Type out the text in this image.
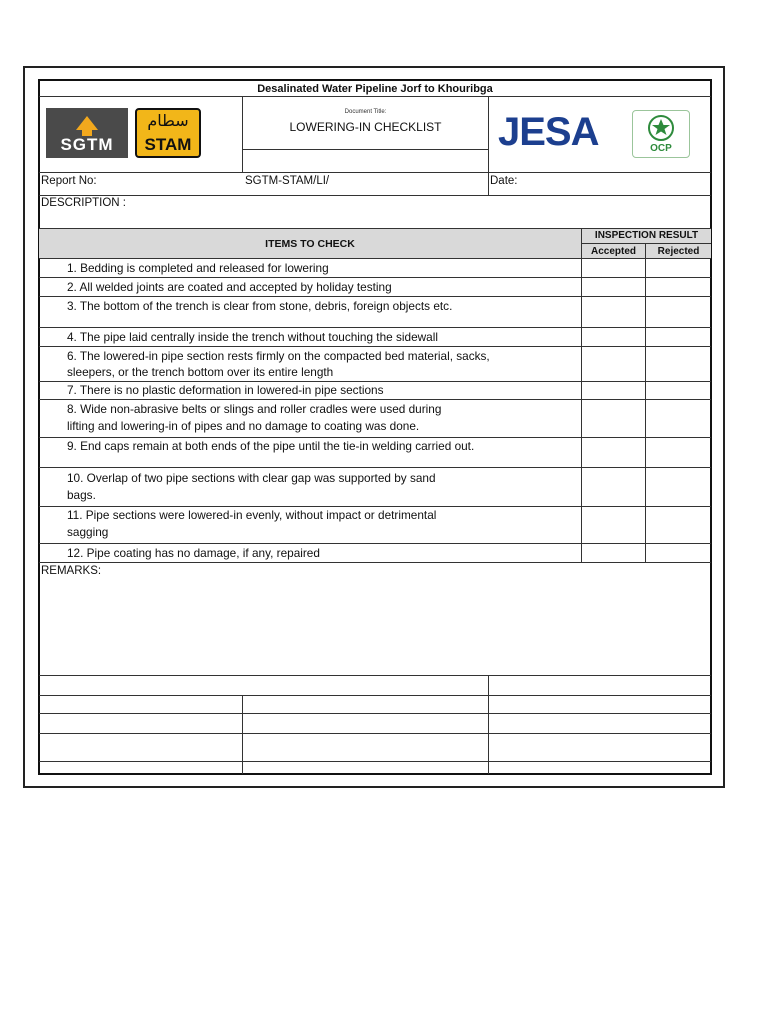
Desalinated Water Pipeline Jorf to Khouribga
SGTM
سطام
STAM
Document Title:
LOWERING-IN CHECKLIST	JESA	OCP
Report No:	SGTM-STAM/LI/	Date:
DESCRIPTION :
ITEMS TO CHECK
INSPECTION RESULT
Accepted	Rejected
1. Bedding is completed and released for lowering
2. All welded joints are coated and accepted by holiday testing
3. The bottom of the trench is clear from stone, debris, foreign objects etc.
4. The pipe laid centrally inside the trench without touching the sidewall
6. The lowered-in pipe section rests firmly on the compacted bed material, sacks,
sleepers, or the trench bottom over its entire length
7. There is no plastic deformation in lowered-in pipe sections
8. Wide non-abrasive belts or slings and roller cradles were used during
lifting and lowering-in of pipes and no damage to coating was done.
9. End caps remain at both ends of the pipe until the tie-in welding carried out.
10. Overlap of two pipe sections with clear gap was supported by sand
bags.
11. Pipe sections were lowered-in evenly, without impact or detrimental
sagging
12. Pipe coating has no damage, if any, repaired
REMARKS:
